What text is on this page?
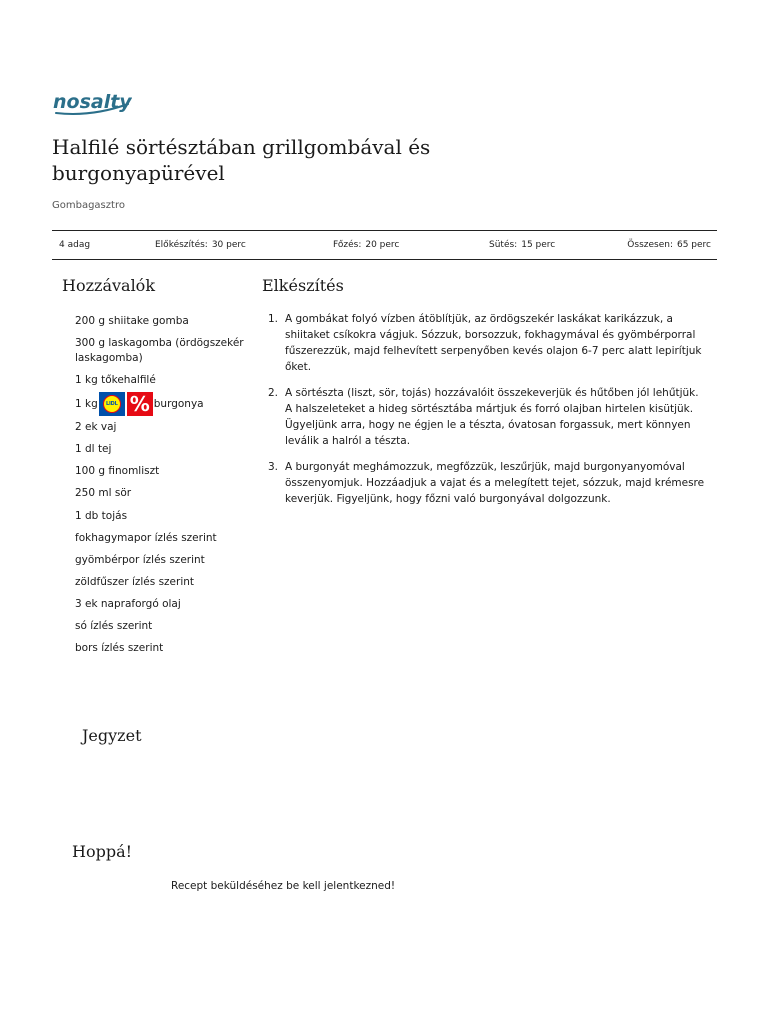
nosalty
Halfilé sörtésztában grillgombával és burgonyapürével
Gombagasztro
4 adag	Előkészítés: 30 perc	Főzés: 20 perc	Sütés: 15 perc	Összesen: 65 perc
Hozzávalók	Elkészítés
200 g shiitake gomba
300 g laskagomba (ördögszekér laskagomba)
1 kg tőkehalfilé
1 kg	LIDL % burgonya
2 ek vaj
1 dl tej
100 g finomliszt
250 ml sör
1 db tojás
fokhagymapor ízlés szerint
gyömbérpor ízlés szerint
zöldfűszer ízlés szerint
3 ek napraforgó olaj
só ízlés szerint
bors ízlés szerint
1. A gombákat folyó vízben átöblítjük, az ördögszekér laskákat karikázzuk, a shiitaket csíkokra vágjuk. Sózzuk, borsozzuk, fokhagymával és gyömbérporral fűszerezzük, majd felhevített serpenyőben kevés olajon 6-7 perc alatt lepirítjuk őket.
2. A sörtészta (liszt, sör, tojás) hozzávalóit összekeverjük és hűtőben jól lehűtjük. A halszeleteket a hideg sörtésztába mártjuk és forró olajban hirtelen kisütjük. Ügyeljünk arra, hogy ne égjen le a tészta, óvatosan forgassuk, mert könnyen leválik a halról a tészta.
3. A burgonyát meghámozzuk, megfőzzük, leszűrjük, majd burgonyanyomóval összenyomjuk. Hozzáadjuk a vajat és a melegített tejet, sózzuk, majd krémesre keverjük. Figyeljünk, hogy főzni való burgonyával dolgozzunk.
Jegyzet
Hoppá!
Recept beküldéséhez be kell jelentkezned!
